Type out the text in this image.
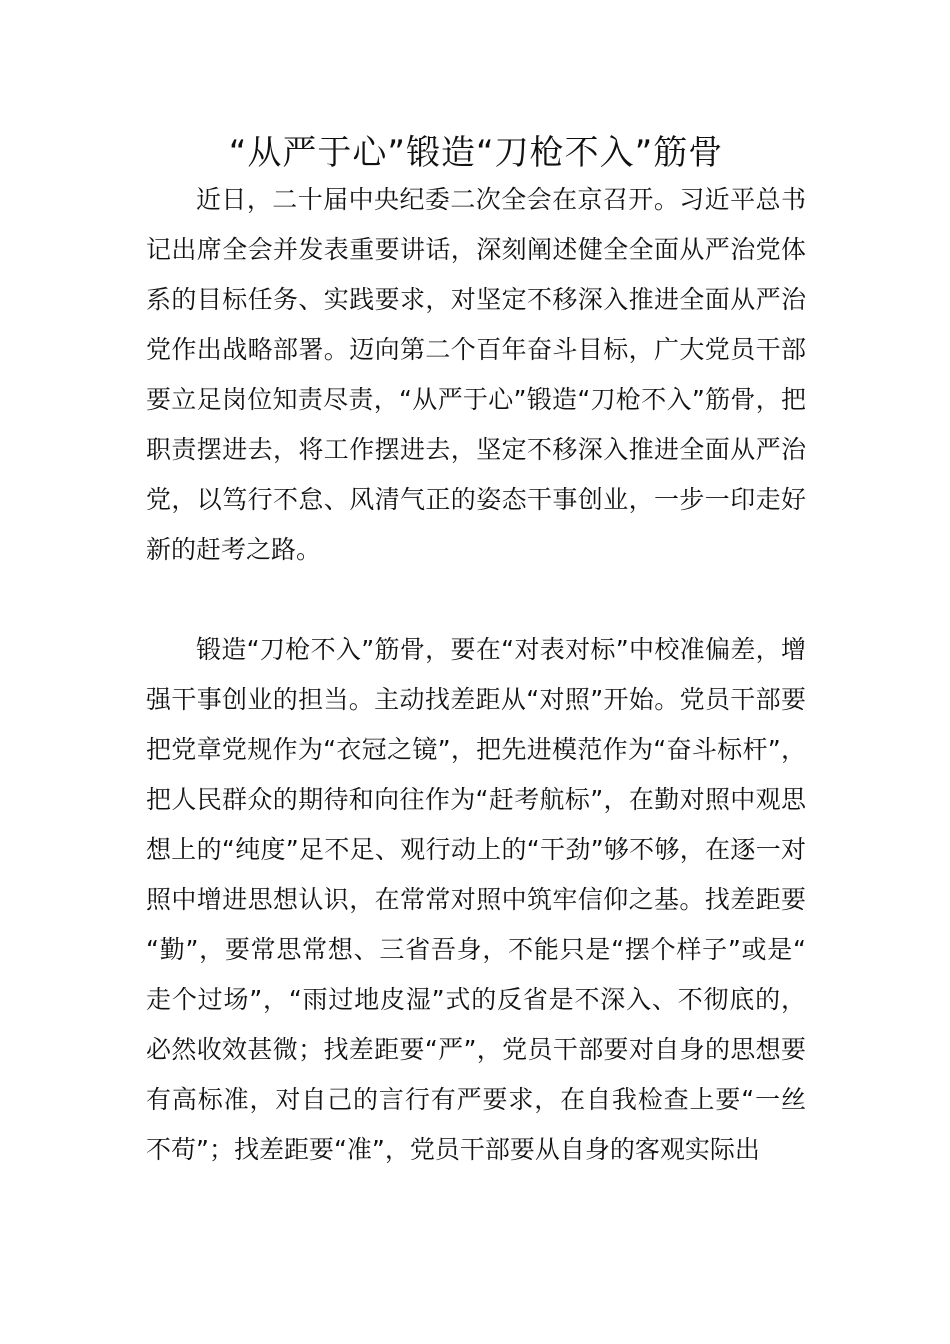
“从严于心”锻造“刀枪不入”筋骨

近日，二十届中央纪委二次全会在京召开。习近平总书记出席全会并发表重要讲话，深刻阐述健全全面从严治党体系的目标任务、实践要求，对坚定不移深入推进全面从严治党作出战略部署。迈向第二个百年奋斗目标，广大党员干部要立足岗位知责尽责，“从严于心”锻造“刀枪不入”筋骨，把职责摆进去，将工作摆进去，坚定不移深入推进全面从严治党，以笃行不怠、风清气正的姿态干事创业，一步一印走好新的赶考之路。

锻造“刀枪不入”筋骨，要在“对表对标”中校准偏差，增强干事创业的担当。主动找差距从“对照”开始。党员干部要把党章党规作为“衣冠之镜”，把先进模范作为“奋斗标杆”，把人民群众的期待和向往作为“赶考航标”，在勤对照中观思想上的“纯度”足不足、观行动上的“干劲”够不够，在逐一对照中增进思想认识，在常常对照中筑牢信仰之基。找差距要“勤”，要常思常想、三省吾身，不能只是“摆个样子”或是“走个过场”，“雨过地皮湿”式的反省是不深入、不彻底的，必然收效甚微；找差距要“严”，党员干部要对自身的思想要有高标准，对自己的言行有严要求，在自我检查上要“一丝不苟”；找差距要“准”，党员干部要从自身的客观实际出
